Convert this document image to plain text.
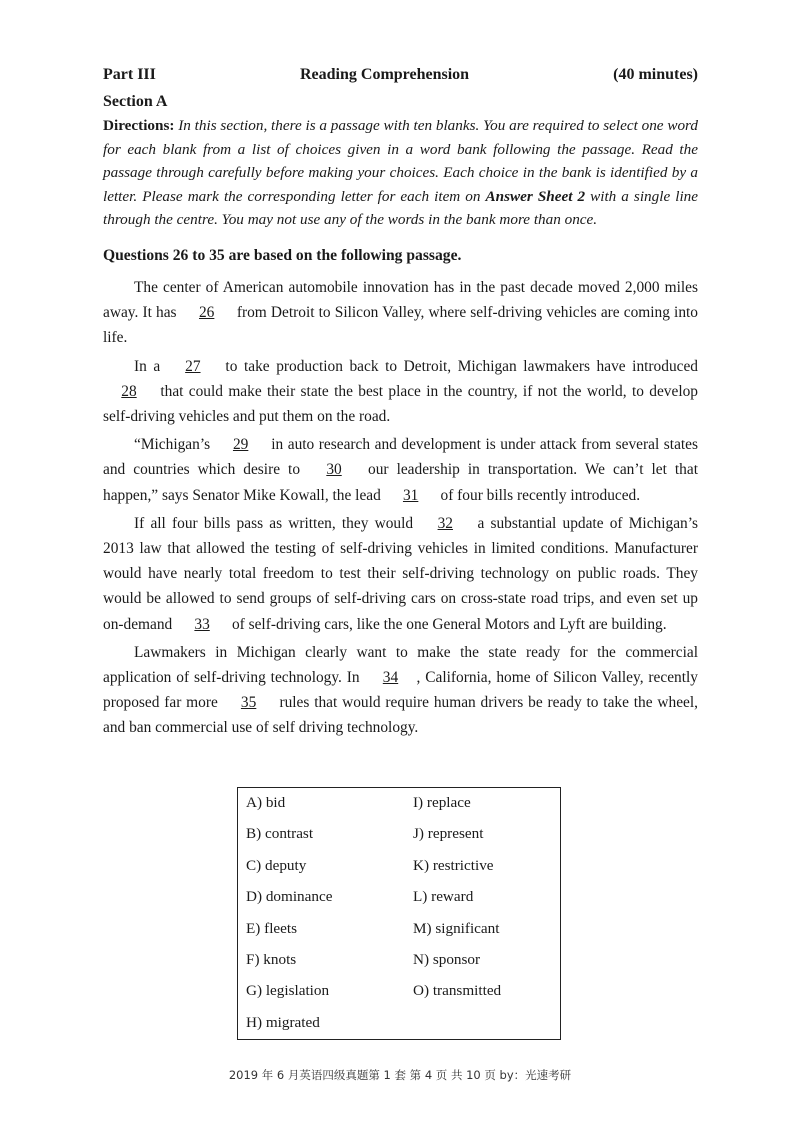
Part III	Reading Comprehension	(40 minutes)
Section A

Directions: In this section, there is a passage with ten blanks. You are required to select one word for each blank from a list of choices given in a word bank following the passage. Read the passage through carefully before making your choices. Each choice in the bank is identified by a letter. Please mark the corresponding letter for each item on Answer Sheet 2 with a single line through the centre. You may not use any of the words in the bank more than once.

Questions 26 to 35 are based on the following passage.

The center of American automobile innovation has in the past decade moved 2,000 miles away. It has 26 from Detroit to Silicon Valley, where self-driving vehicles are coming into life.

In a 27 to take production back to Detroit, Michigan lawmakers have introduced 28 that could make their state the best place in the country, if not the world, to develop self-driving vehicles and put them on the road.

“Michigan’s 29 in auto research and development is under attack from several states and countries which desire to 30 our leadership in transportation. We can’t let that happen,” says Senator Mike Kowall, the lead 31 of four bills recently introduced.

If all four bills pass as written, they would 32 a substantial update of Michigan’s 2013 law that allowed the testing of self-driving vehicles in limited conditions. Manufacturer would have nearly total freedom to test their self-driving technology on public roads. They would be allowed to send groups of self-driving cars on cross-state road trips, and even set up on-demand 33 of self-driving cars, like the one General Motors and Lyft are building.

Lawmakers in Michigan clearly want to make the state ready for the commercial application of self-driving technology. In 34 , California, home of Silicon Valley, recently proposed far more 35 rules that would require human drivers be ready to take the wheel, and ban commercial use of self driving technology.

A) bid	I) replace
B) contrast	J) represent
C) deputy	K) restrictive
D) dominance	L) reward
E) fleets	M) significant
F) knots	N) sponsor
G) legislation	O) transmitted
H) migrated
2019 年 6 月英语四级真题第 1 套 第 4 页 共 10 页 by：光速考研
